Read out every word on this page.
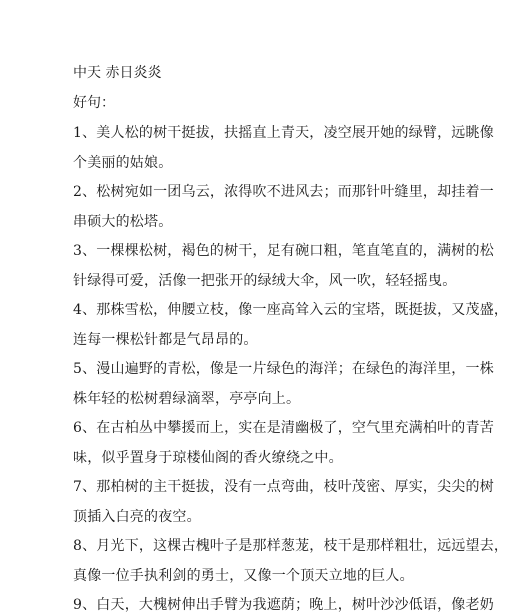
中天 赤日炎炎
好句：
1、美人松的树干挺拔，扶摇直上青天，凌空展开她的绿臂，远眺像
个美丽的姑娘。
2、松树宛如一团乌云，浓得吹不进风去；而那针叶缝里，却挂着一
串硕大的松塔。
3、一棵棵松树，褐色的树干，足有碗口粗，笔直笔直的，满树的松
针绿得可爱，活像一把张开的绿绒大伞，风一吹，轻轻摇曳。
4、那株雪松，伸腰立枝，像一座高耸入云的宝塔，既挺拔，又茂盛，
连每一棵松针都是气昂昂的。
5、漫山遍野的青松，像是一片绿色的海洋；在绿色的海洋里，一株
株年轻的松树碧绿滴翠，亭亭向上。
6、在古柏丛中攀援而上，实在是清幽极了，空气里充满柏叶的青苦
味，似乎置身于琼楼仙阁的香火缭绕之中。
7、那柏树的主干挺拔，没有一点弯曲，枝叶茂密、厚实，尖尖的树
顶插入白亮的夜空。
8、月光下，这棵古槐叶子是那样葱茏，枝干是那样粗壮，远远望去，
真像一位手执利剑的勇士，又像一个顶天立地的巨人。
9、白天，大槐树伸出手臂为我遮荫；晚上，树叶沙沙低语，像老奶
